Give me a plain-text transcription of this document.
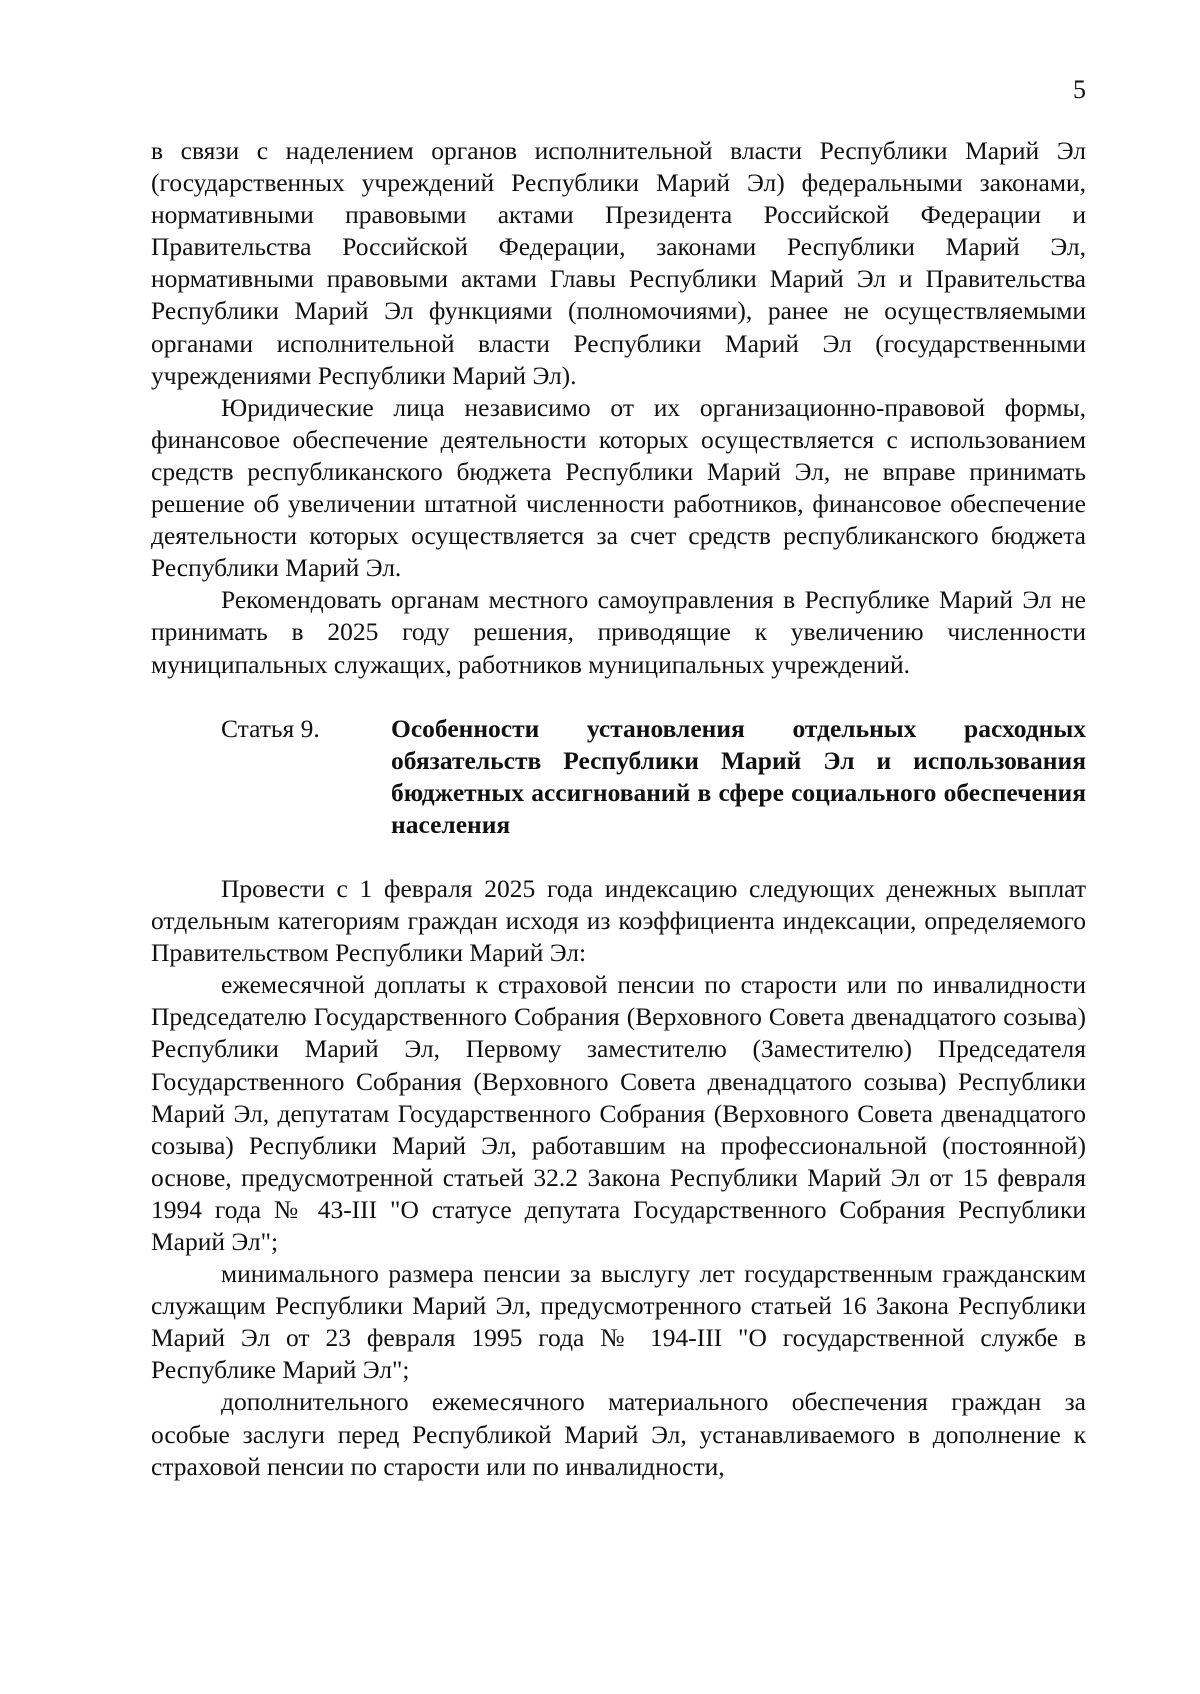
5

в связи с наделением органов исполнительной власти Республики Марий Эл (государственных учреждений Республики Марий Эл) федеральными законами, нормативными правовыми актами Президента Российской Федерации и Правительства Российской Федерации, законами Республики Марий Эл, нормативными правовыми актами Главы Республики Марий Эл и Правительства Республики Марий Эл функциями (полномочиями), ранее не осуществляемыми органами исполнительной власти Республики Марий Эл (государственными учреждениями Республики Марий Эл).

Юридические лица независимо от их организационно-правовой формы, финансовое обеспечение деятельности которых осуществляется с использованием средств республиканского бюджета Республики Марий Эл, не вправе принимать решение об увеличении штатной численности работников, финансовое обеспечение деятельности которых осуществляется за счет средств республиканского бюджета Республики Марий Эл.

Рекомендовать органам местного самоуправления в Республике Марий Эл не принимать в 2025 году решения, приводящие к увеличению численности муниципальных служащих, работников муниципальных учреждений.

Статья 9.	Особенности установления отдельных расходных обязательств Республики Марий Эл и использования бюджетных ассигнований в сфере социального обеспечения населения

Провести с 1 февраля 2025 года индексацию следующих денежных выплат отдельным категориям граждан исходя из коэффициента индексации, определяемого Правительством Республики Марий Эл:

ежемесячной доплаты к страховой пенсии по старости или по инвалидности Председателю Государственного Собрания (Верховного Совета двенадцатого созыва) Республики Марий Эл, Первому заместителю (Заместителю) Председателя Государственного Собрания (Верховного Совета двенадцатого созыва) Республики Марий Эл, депутатам Государственного Собрания (Верховного Совета двенадцатого созыва) Республики Марий Эл, работавшим на профессиональной (постоянной) основе, предусмотренной статьей 32.2 Закона Республики Марий Эл от 15 февраля 1994 года № 43-III "О статусе депутата Государственного Собрания Республики Марий Эл";

минимального размера пенсии за выслугу лет государственным гражданским служащим Республики Марий Эл, предусмотренного статьей 16 Закона Республики Марий Эл от 23 февраля 1995 года № 194-III "О государственной службе в Республике Марий Эл";

дополнительного ежемесячного материального обеспечения граждан за особые заслуги перед Республикой Марий Эл, устанавливаемого в дополнение к страховой пенсии по старости или по инвалидности,
